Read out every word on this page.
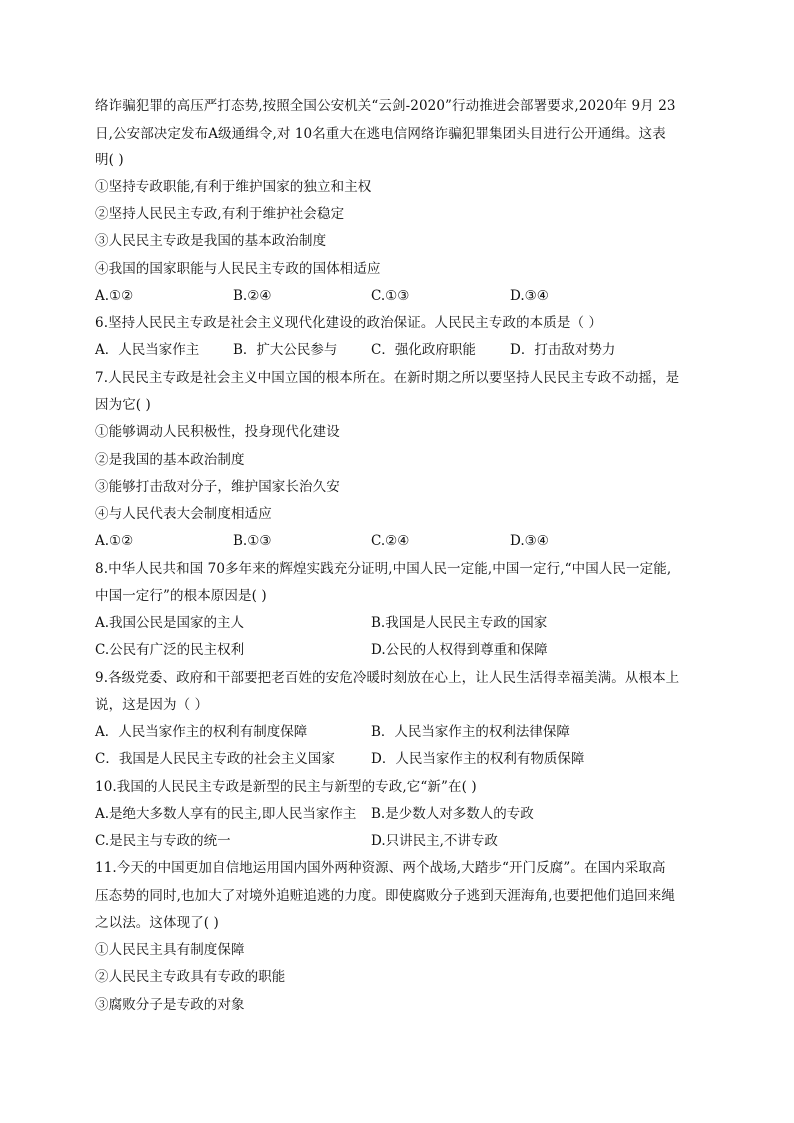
络诈骗犯罪的高压严打态势,按照全国公安机关“云剑-2020”行动推进会部署要求,2020年 9月 23
日,公安部决定发布A级通缉令,对 10名重大在逃电信网络诈骗犯罪集团头目进行公开通缉。这表
明( )
①坚持专政职能,有利于维护国家的独立和主权
②坚持人民民主专政,有利于维护社会稳定
③人民民主专政是我国的基本政治制度
④我国的国家职能与人民民主专政的国体相适应
A.①②	B.②④	C.①③	D.③④
6.坚持人民民主专政是社会主义现代化建设的政治保证。人民民主专政的本质是（ ）
A．人民当家作主	B．扩大公民参与 C．强化政府职能	D．打击敌对势力
7.人民民主专政是社会主义中国立国的根本所在。在新时期之所以要坚持人民民主专政不动摇，是
因为它( )
①能够调动人民积极性，投身现代化建设
②是我国的基本政治制度
③能够打击敌对分子，维护国家长治久安
④与人民代表大会制度相适应
A.①②	B.①③	C.②④	D.③④
8.中华人民共和国 70多年来的辉煌实践充分证明,中国人民一定能,中国一定行,“中国人民一定能,
中国一定行”的根本原因是( )
A.我国公民是国家的主人	B.我国是人民民主专政的国家
C.公民有广泛的民主权利	D.公民的人权得到尊重和保障
9.各级党委、政府和干部要把老百姓的安危冷暖时刻放在心上，让人民生活得幸福美满。从根本上
说，这是因为（ ）
A．人民当家作主的权利有制度保障	B．人民当家作主的权利法律保障
C．我国是人民民主专政的社会主义国家	D．人民当家作主的权利有物质保障
10.我国的人民民主专政是新型的民主与新型的专政,它“新”在( )
A.是绝大多数人享有的民主,即人民当家作主 B.是少数人对多数人的专政
C.是民主与专政的统一	D.只讲民主,不讲专政
11.今天的中国更加自信地运用国内国外两种资源、两个战场,大踏步“开门反腐”。在国内采取高
压态势的同时,也加大了对境外追赃追逃的力度。即使腐败分子逃到天涯海角,也要把他们追回来绳
之以法。这体现了( )
①人民民主具有制度保障
②人民民主专政具有专政的职能
③腐败分子是专政的对象
